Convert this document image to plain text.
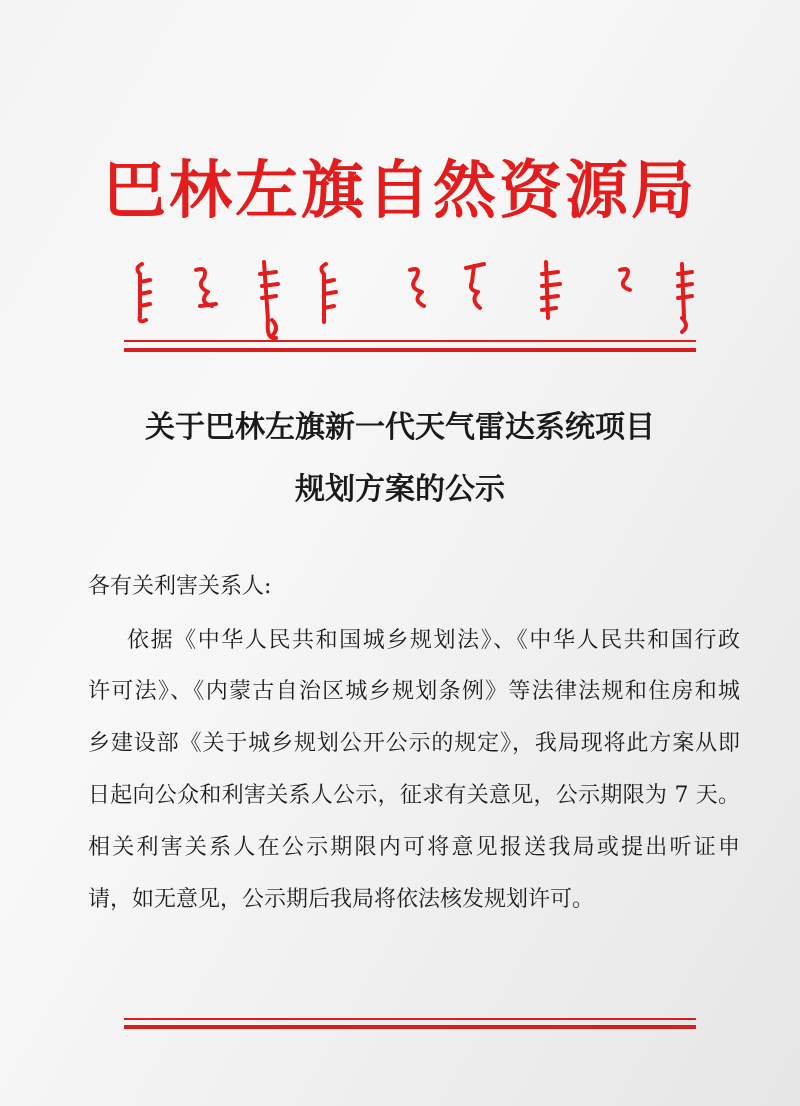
巴林左旗自然资源局
关于巴林左旗新一代天气雷达系统项目
规划方案的公示
各有关利害关系人:
依据《中华人民共和国城乡规划法》、《中华人民共和国行政
许可法》、《内蒙古自治区城乡规划条例》等法律法规和住房和城
乡建设部《关于城乡规划公开公示的规定》，我局现将此方案从即
日起向公众和利害关系人公示，征求有关意见，公示期限为 7 天。
相关利害关系人在公示期限内可将意见报送我局或提出听证申
请，如无意见，公示期后我局将依法核发规划许可。
